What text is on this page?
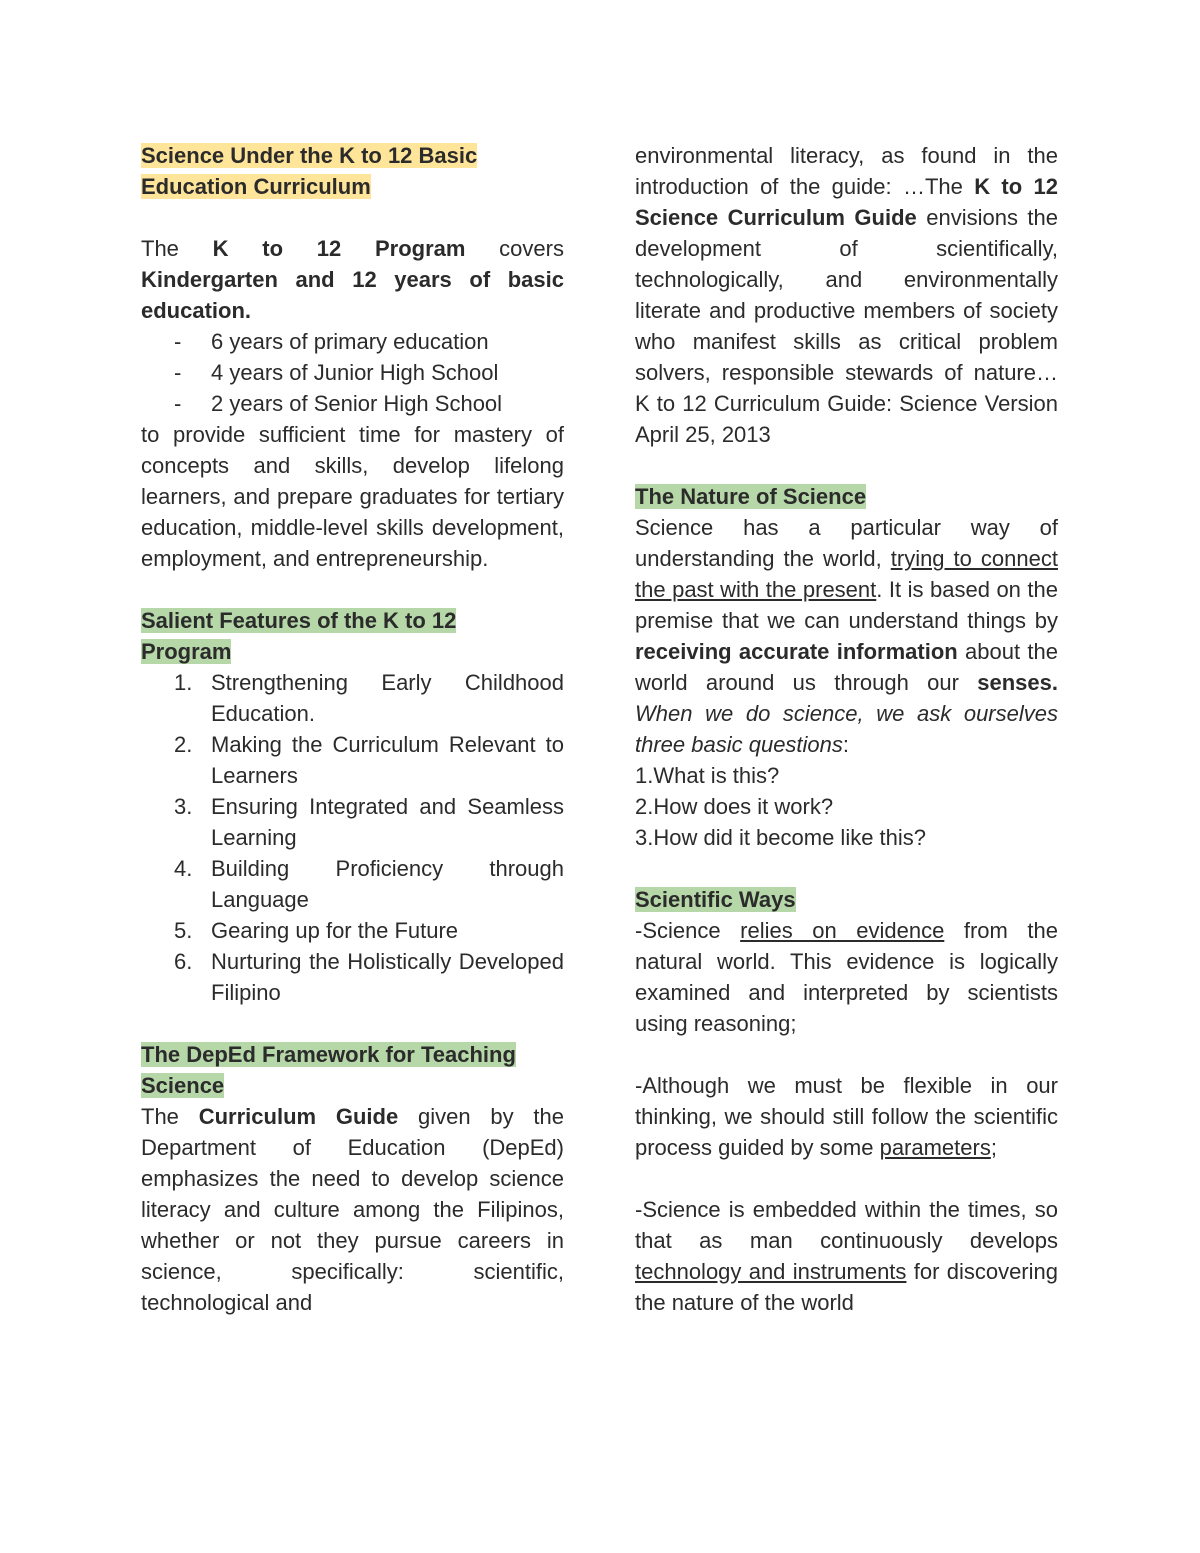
Science Under the K to 12 Basic
Education Curriculum

The K to 12 Program covers Kindergarten and 12 years of basic education.

- 6 years of primary education
- 4 years of Junior High School
- 2 years of Senior High School

to provide sufficient time for mastery of concepts and skills, develop lifelong learners, and prepare graduates for tertiary education, middle-level skills development, employment, and entrepreneurship.

Salient Features of the K to 12
Program

1. Strengthening Early Childhood Education.
2. Making the Curriculum Relevant to Learners
3. Ensuring Integrated and Seamless Learning
4. Building Proficiency through Language
5. Gearing up for the Future
6. Nurturing the Holistically Developed Filipino

The DepEd Framework for Teaching
Science

The Curriculum Guide given by the Department of Education (DepEd) emphasizes the need to develop science literacy and culture among the Filipinos, whether or not they pursue careers in science, specifically: scientific, technological and

environmental literacy, as found in the introduction of the guide: …The K to 12 Science Curriculum Guide envisions the development of scientifically, technologically, and environmentally literate and productive members of society who manifest skills as critical problem solvers, responsible stewards of nature… K to 12 Curriculum Guide: Science Version April 25, 2013

The Nature of Science

Science has a particular way of understanding the world, trying to connect the past with the present. It is based on the premise that we can understand things by receiving accurate information about the world around us through our senses. When we do science, we ask ourselves three basic questions:

1.What is this?

2.How does it work?

3.How did it become like this?

Scientific Ways

-Science relies on evidence from the natural world. This evidence is logically examined and interpreted by scientists using reasoning;

-Although we must be flexible in our thinking, we should still follow the scientific process guided by some parameters;

-Science is embedded within the times, so that as man continuously develops technology and instruments for discovering the nature of the world
